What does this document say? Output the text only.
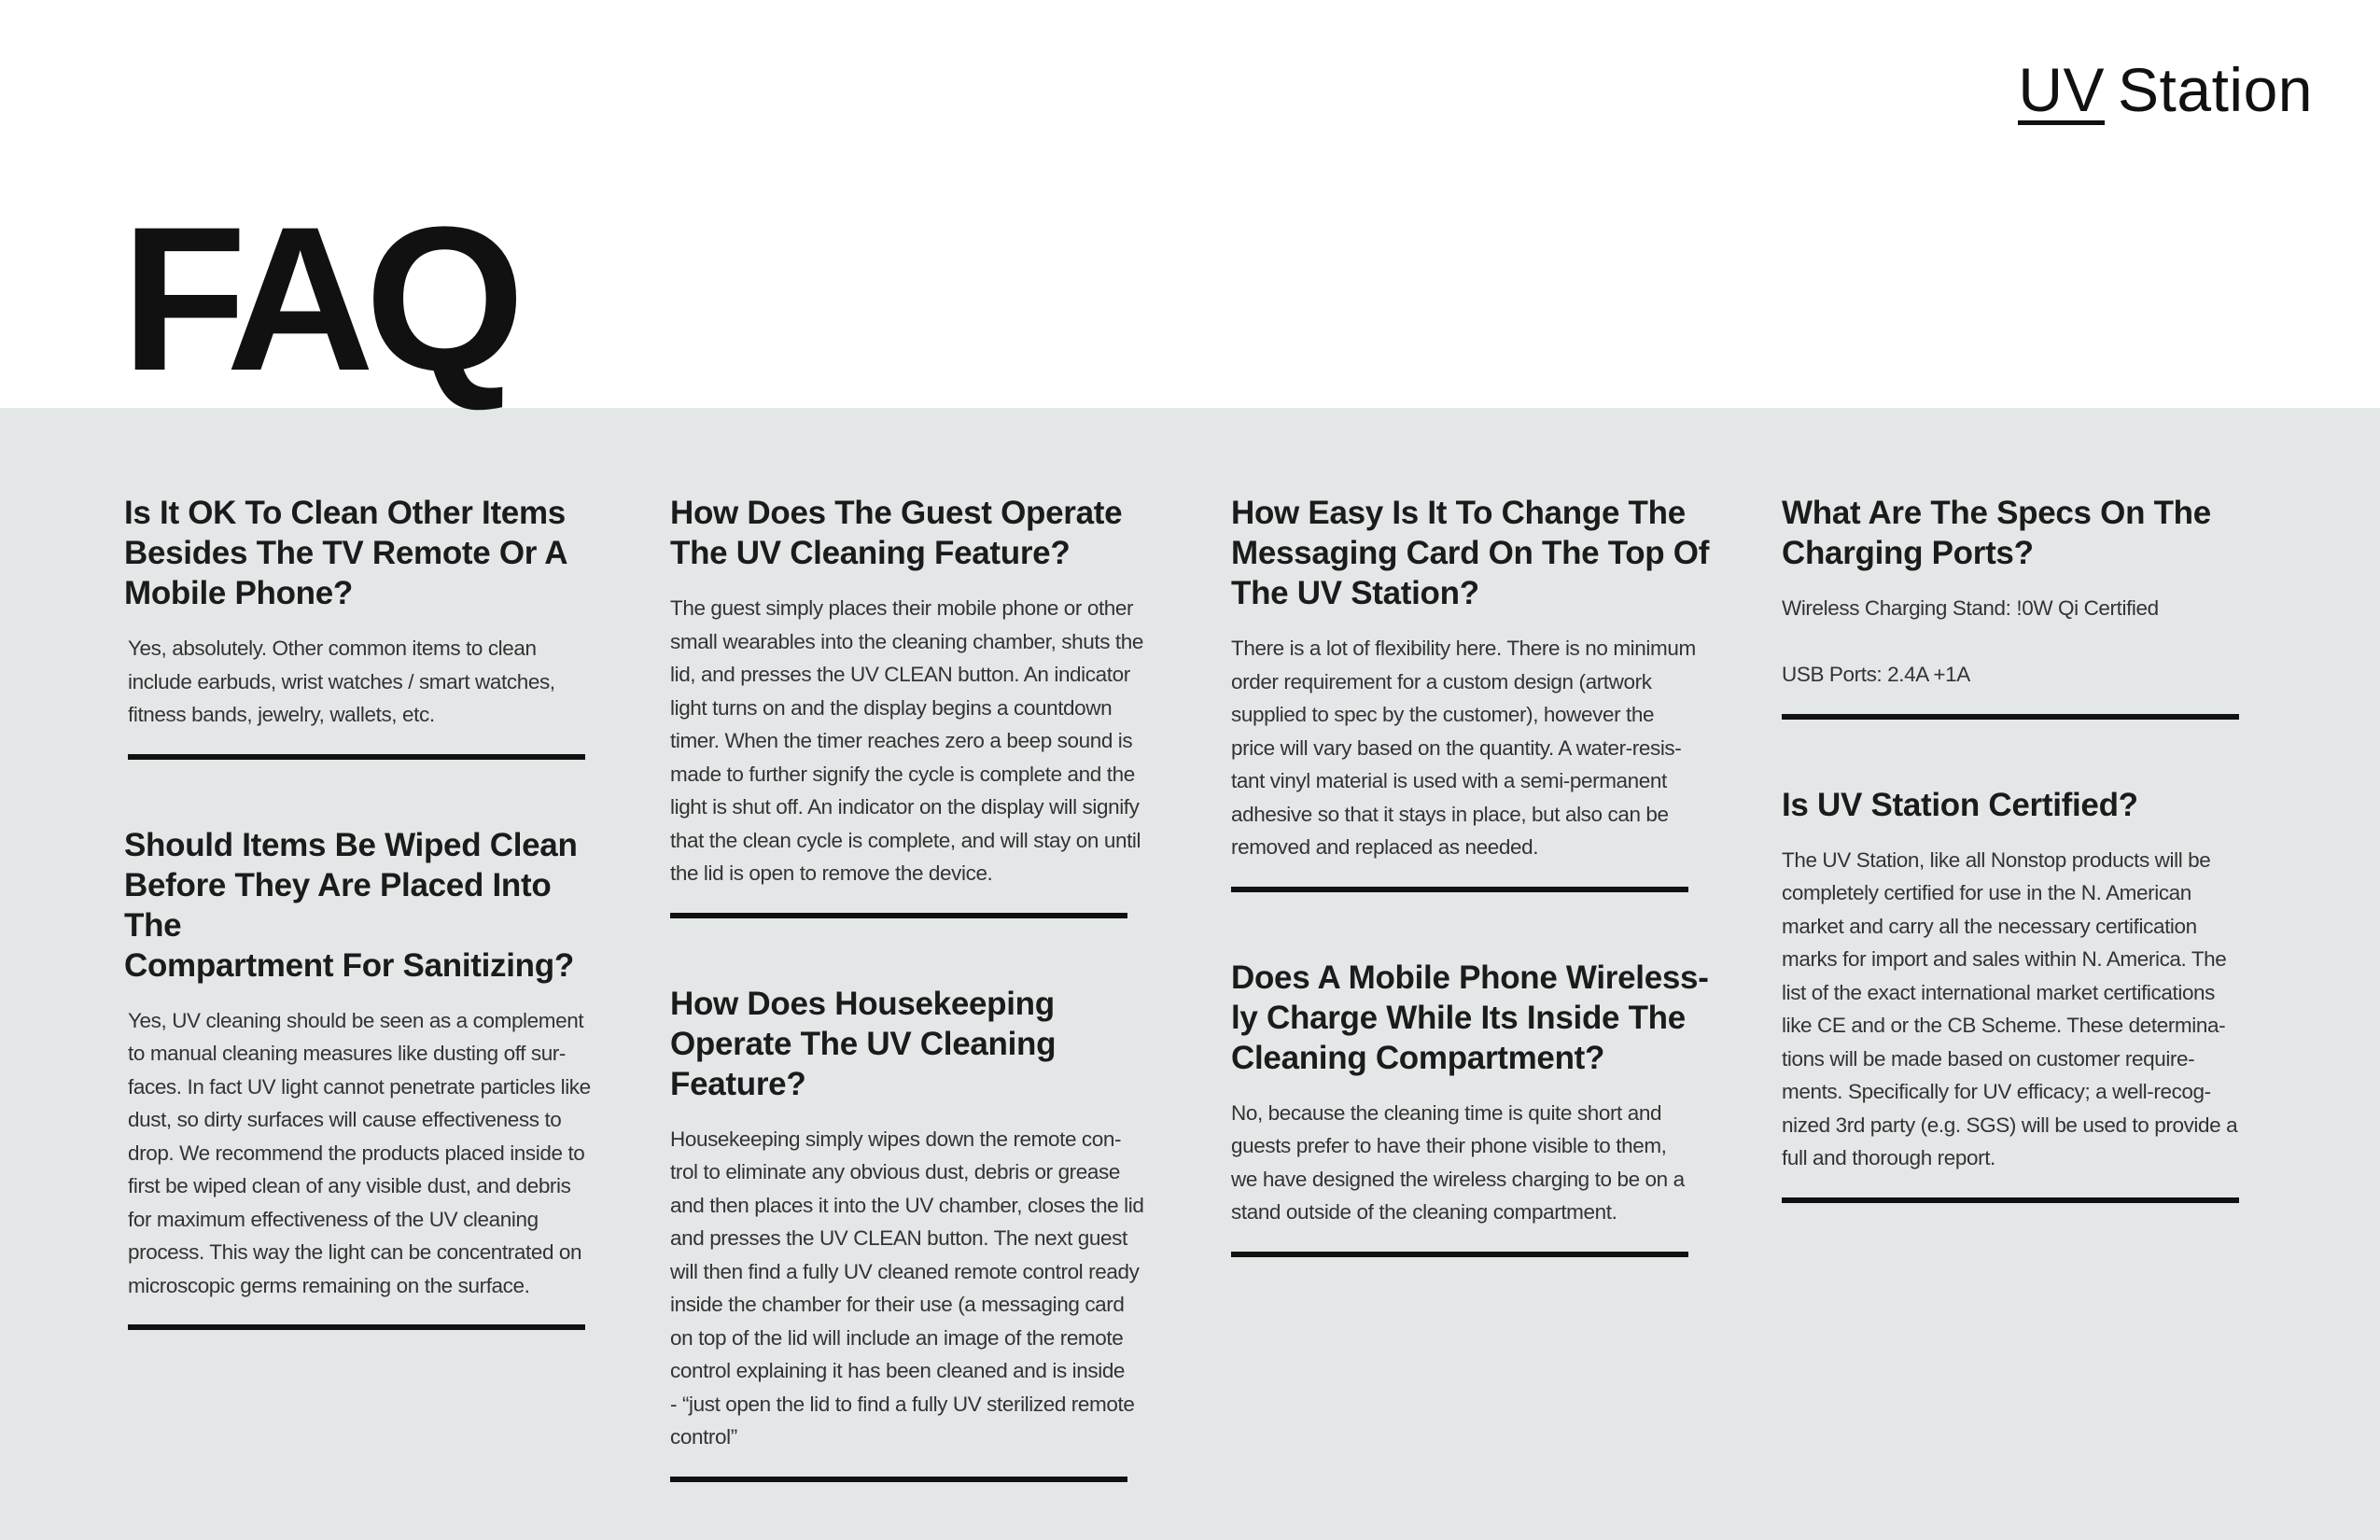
UV Station
FAQ
Is It OK To Clean Other Items
Besides The TV Remote Or A
Mobile Phone?

Yes, absolutely. Other common items to clean
include earbuds, wrist watches / smart watches,
fitness bands, jewelry, wallets, etc.

Should Items Be Wiped Clean
Before They Are Placed Into The
Compartment For Sanitizing?

Yes, UV cleaning should be seen as a complement
to manual cleaning measures like dusting off sur-
faces. In fact UV light cannot penetrate particles like
dust, so dirty surfaces will cause effectiveness to
drop. We recommend the products placed inside to
first be wiped clean of any visible dust, and debris
for maximum effectiveness of the UV cleaning
process. This way the light can be concentrated on
microscopic germs remaining on the surface.

How Does The Guest Operate
The UV Cleaning Feature?

The guest simply places their mobile phone or other
small wearables into the cleaning chamber, shuts the
lid, and presses the UV CLEAN button. An indicator
light turns on and the display begins a countdown
timer. When the timer reaches zero a beep sound is
made to further signify the cycle is complete and the
light is shut off. An indicator on the display will signify
that the clean cycle is complete, and will stay on until
the lid is open to remove the device.

How Does Housekeeping
Operate The UV Cleaning
Feature?

Housekeeping simply wipes down the remote con-
trol to eliminate any obvious dust, debris or grease
and then places it into the UV chamber, closes the lid
and presses the UV CLEAN button. The next guest
will then find a fully UV cleaned remote control ready
inside the chamber for their use (a messaging card
on top of the lid will include an image of the remote
control explaining it has been cleaned and is inside
- “just open the lid to find a fully UV sterilized remote
control”

How Easy Is It To Change The
Messaging Card On The Top Of
The UV Station?

There is a lot of flexibility here. There is no minimum
order requirement for a custom design (artwork
supplied to spec by the customer), however the
price will vary based on the quantity. A water-resis-
tant vinyl material is used with a semi-permanent
adhesive so that it stays in place, but also can be
removed and replaced as needed.

Does A Mobile Phone Wireless-
ly Charge While Its Inside The
Cleaning Compartment?

No, because the cleaning time is quite short and
guests prefer to have their phone visible to them,
we have designed the wireless charging to be on a
stand outside of the cleaning compartment.

What Are The Specs On The
Charging Ports?

Wireless Charging Stand: !0W Qi Certified

USB Ports: 2.4A +1A

Is UV Station Certified?

The UV Station, like all Nonstop products will be
completely certified for use in the N. American
market and carry all the necessary certification
marks for import and sales within N. America. The
list of the exact international market certifications
like CE and or the CB Scheme. These determina-
tions will be made based on customer require-
ments. Specifically for UV efficacy; a well-recog-
nized 3rd party (e.g. SGS) will be used to provide a
full and thorough report.
